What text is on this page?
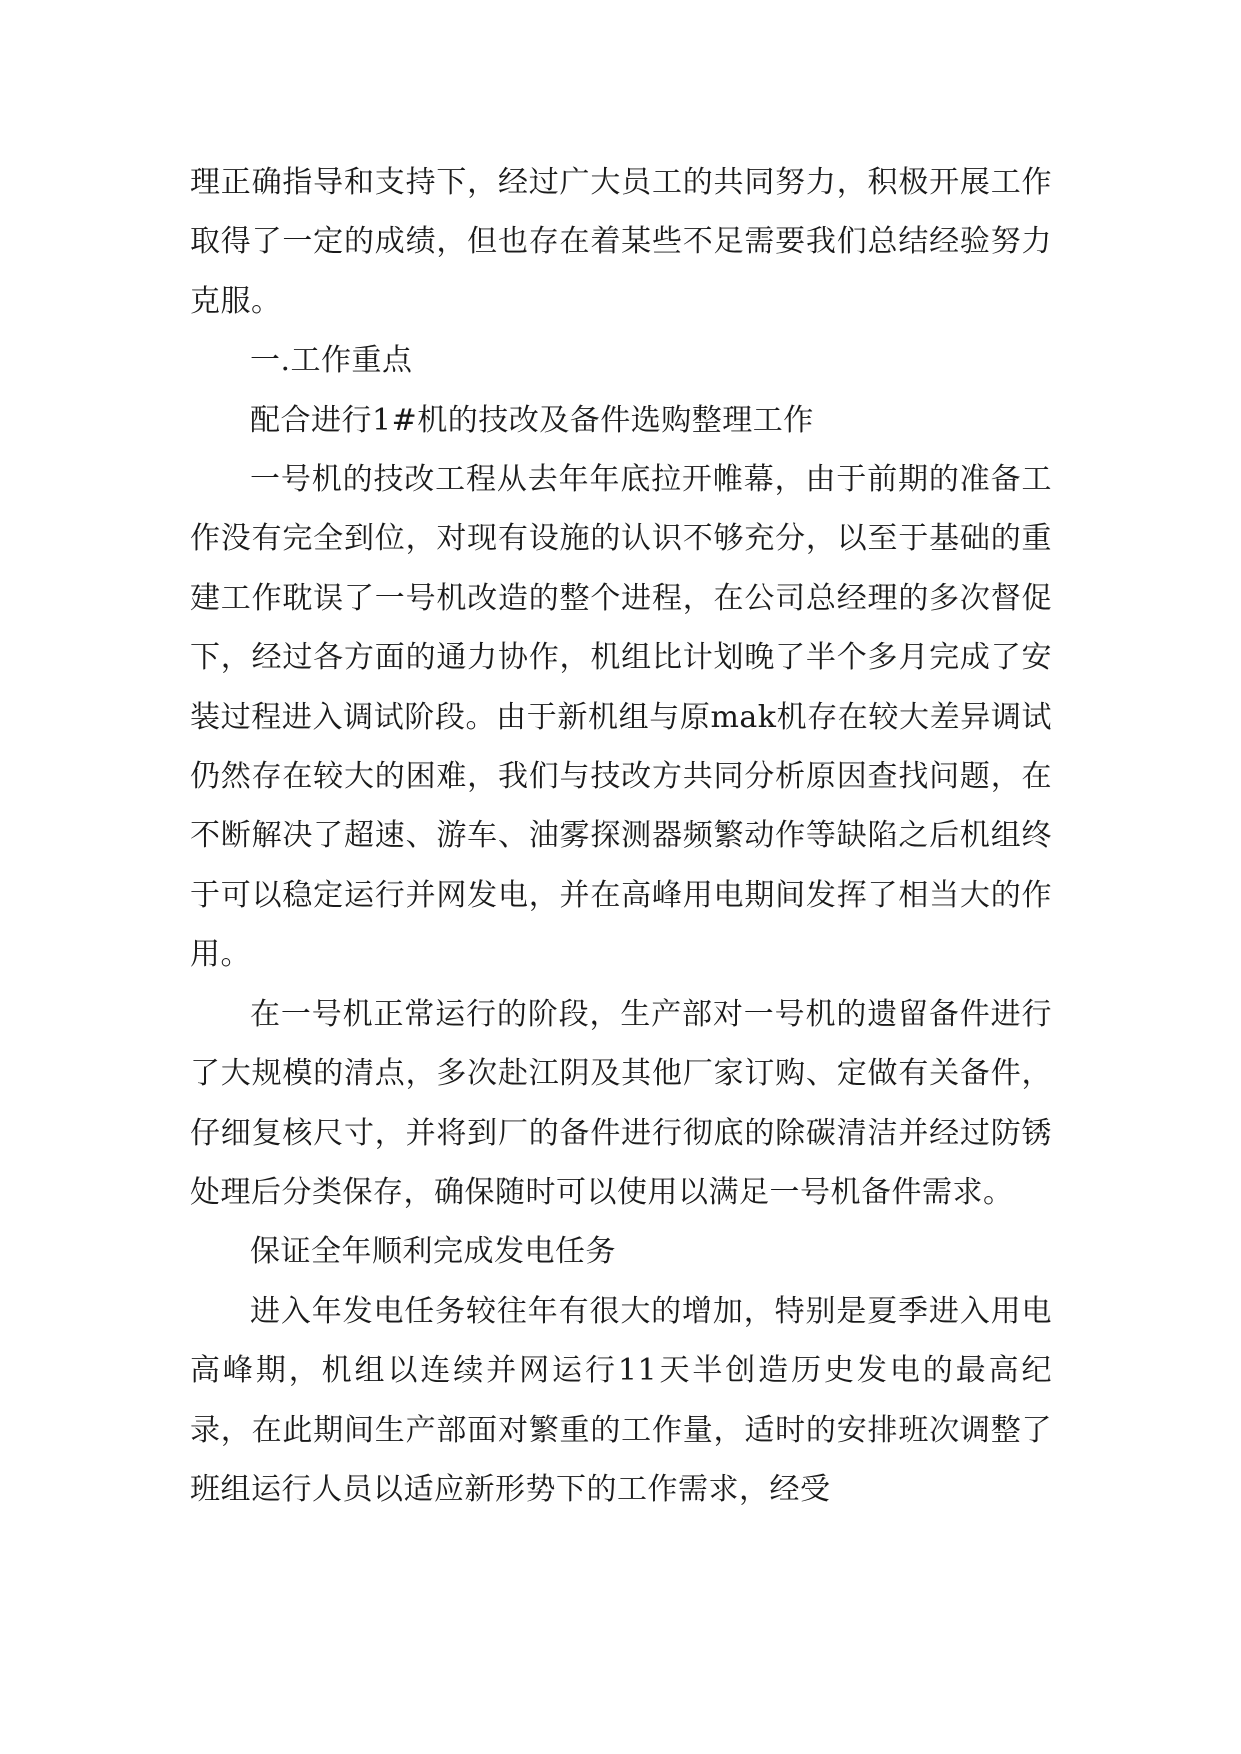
理正确指导和支持下，经过广大员工的共同努力，积极开展工作取得了一定的成绩，但也存在着某些不足需要我们总结经验努力克服。

一.工作重点

配合进行1#机的技改及备件选购整理工作

一号机的技改工程从去年年底拉开帷幕，由于前期的准备工作没有完全到位，对现有设施的认识不够充分，以至于基础的重建工作耽误了一号机改造的整个进程，在公司总经理的多次督促下，经过各方面的通力协作，机组比计划晚了半个多月完成了安装过程进入调试阶段。由于新机组与原mak机存在较大差异调试仍然存在较大的困难，我们与技改方共同分析原因查找问题，在不断解决了超速、游车、油雾探测器频繁动作等缺陷之后机组终于可以稳定运行并网发电，并在高峰用电期间发挥了相当大的作用。

在一号机正常运行的阶段，生产部对一号机的遗留备件进行了大规模的清点，多次赴江阴及其他厂家订购、定做有关备件，仔细复核尺寸，并将到厂的备件进行彻底的除碳清洁并经过防锈处理后分类保存，确保随时可以使用以满足一号机备件需求。

保证全年顺利完成发电任务

进入年发电任务较往年有很大的增加，特别是夏季进入用电高峰期，机组以连续并网运行11天半创造历史发电的最高纪录，在此期间生产部面对繁重的工作量，适时的安排班次调整了班组运行人员以适应新形势下的工作需求，经受
